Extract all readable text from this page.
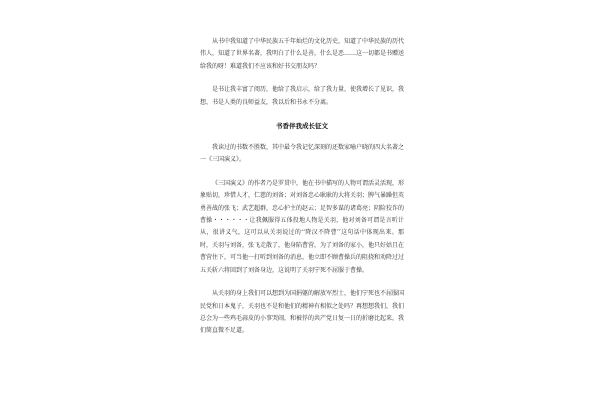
从书中我知道了中华民族五千年灿烂的文化历史，知道了中华民族的历代伟人，知道了世界名著，我明白了什么是善，什么是恶……这一切都是书赠送给我的呀！难道我们不应该和好书交朋友吗？

是书让我丰富了阅历，他给了我启示，给了我力量，使我增长了见识，我想，书是人类的良师益友，我以后和书永不分离。

书香伴我成长征文

我读过的书数不胜数，其中最令我记忆深刻的还数家喻户晓的四大名著之一《三国演义》。

《三国演义》的作者乃是罗贯中，他在书中描写的人物可谓活灵活现，形象贴切，珍惜人才，仁慈的刘备；对刘备忠心耿耿的大将关羽；脾气暴躁但英勇善战的张飞；武艺超群，忠心护主的赵云；足智多谋的诸葛亮；阴险狡诈的曹操・・・・・・让我佩服得五体投地人物是关羽，他对刘备可谓是言听计从，很讲义气，这可以从关羽说过的‘‘降汉不降曹’’这句话中体现出来。那时，关羽与刘备，张飞走散了，他身陷曹营，为了刘备的家小，他只好姑且在曹营住下，可当他一打听到刘备的消息，他立即不顾曹操兵的阻挠和劝降过过五关斩六将回到了刘备身边，这说明了关羽宁死不屈服于曹操。

从关羽的身上我们可以想到为国捐躯的解放军烈士，他们宁死也不屈服国民党和日本鬼子，关羽也不是和他们的精神有相似之处吗？再想想我们，我们总会为一些鸡毛蒜皮的小事哭闹，和被俘的共产党日复一日的折磨比起来，我们简直微不足道。
